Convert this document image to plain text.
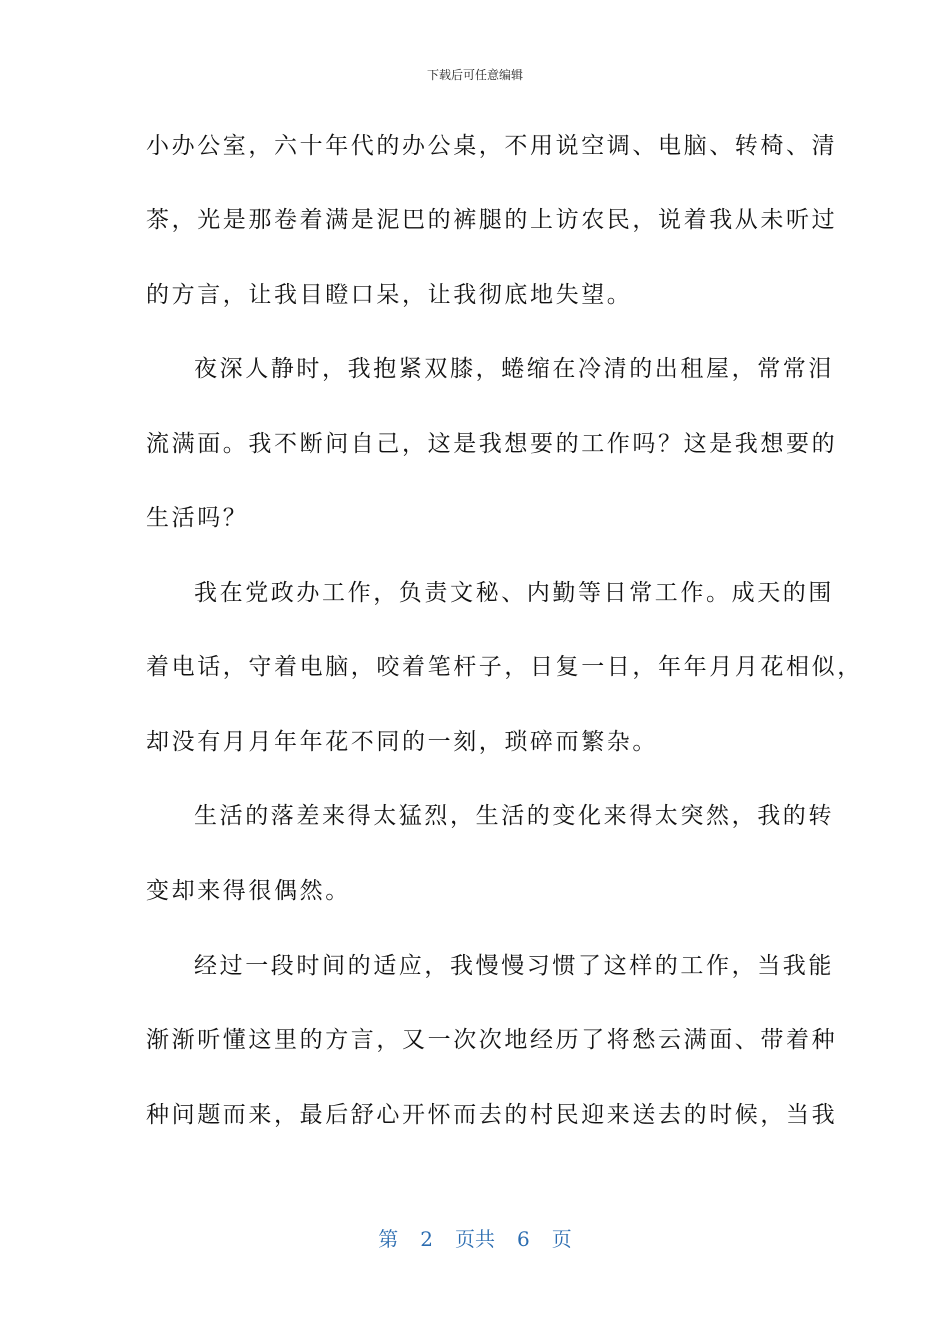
下载后可任意编辑
小办公室，六十年代的办公桌，不用说空调、电脑、转椅、清
茶，光是那卷着满是泥巴的裤腿的上访农民，说着我从未听过
的方言，让我目瞪口呆，让我彻底地失望。
夜深人静时，我抱紧双膝，蜷缩在冷清的出租屋，常常泪
流满面。我不断问自己，这是我想要的工作吗？这是我想要的
生活吗？
我在党政办工作，负责文秘、内勤等日常工作。成天的围
着电话，守着电脑，咬着笔杆子，日复一日，年年月月花相似，
却没有月月年年花不同的一刻，琐碎而繁杂。
生活的落差来得太猛烈，生活的变化来得太突然，我的转
变却来得很偶然。
经过一段时间的适应，我慢慢习惯了这样的工作，当我能
渐渐听懂这里的方言，又一次次地经历了将愁云满面、带着种
种问题而来，最后舒心开怀而去的村民迎来送去的时候，当我
第 2 页共 6 页
